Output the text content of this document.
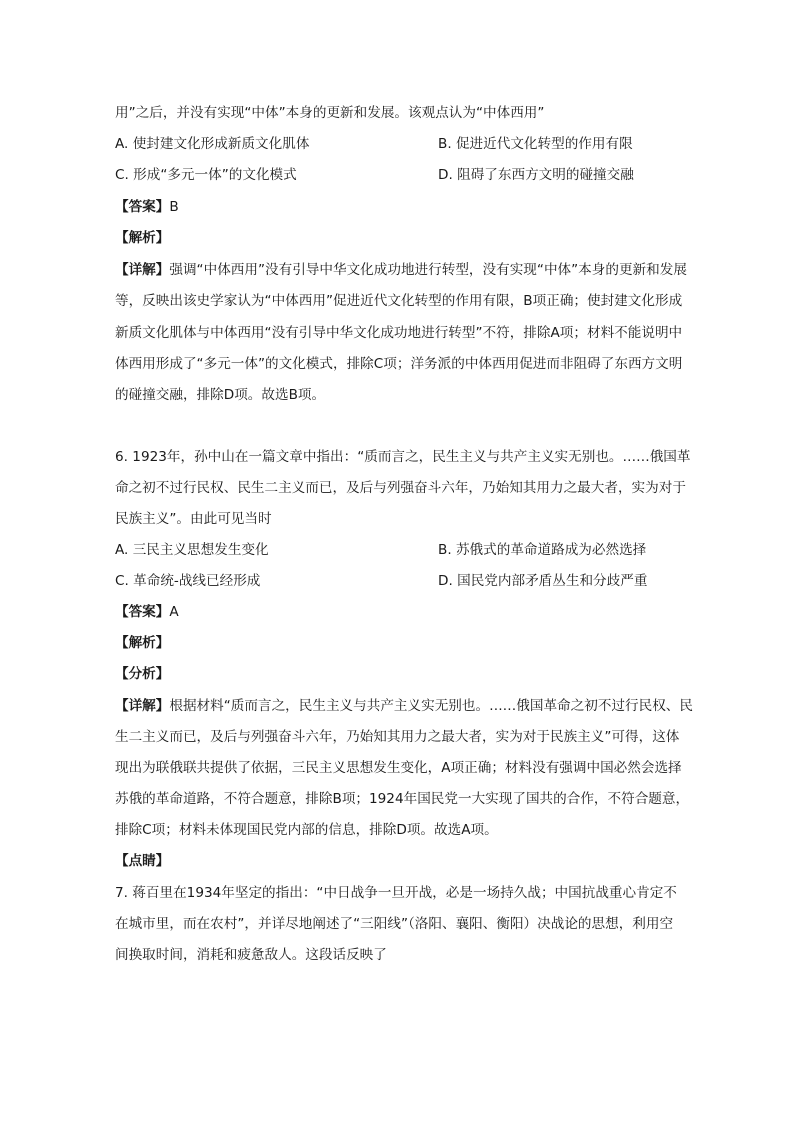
用”之后，并没有实现“中体”本身的更新和发展。该观点认为“中体西用”
A. 使封建文化形成新质文化肌体	B. 促进近代文化转型的作用有限
C. 形成“多元一体”的文化模式	D. 阻碍了东西方文明的碰撞交融
【答案】B
【解析】
【详解】强调“中体西用”没有引导中华文化成功地进行转型，没有实现“中体”本身的更新和发展
等，反映出该史学家认为“中体西用”促进近代文化转型的作用有限，B项正确；使封建文化形成
新质文化肌体与中体西用“没有引导中华文化成功地进行转型”不符，排除A项；材料不能说明中
体西用形成了“多元一体”的文化模式，排除C项；洋务派的中体西用促进而非阻碍了东西方文明
的碰撞交融，排除D项。故选B项。
6. 1923年，孙中山在一篇文章中指出：“质而言之，民生主义与共产主义实无别也。……俄国革
命之初不过行民权、民生二主义而已，及后与列强奋斗六年，乃始知其用力之最大者，实为对于
民族主义”。由此可见当时
A. 三民主义思想发生变化	B. 苏俄式的革命道路成为必然选择
C. 革命统-战线已经形成	D. 国民党内部矛盾丛生和分歧严重
【答案】A
【解析】
【分析】
【详解】根据材料“质而言之，民生主义与共产主义实无别也。……俄国革命之初不过行民权、民
生二主义而已，及后与列强奋斗六年，乃始知其用力之最大者，实为对于民族主义”可得，这体
现出为联俄联共提供了依据，三民主义思想发生变化，A项正确；材料没有强调中国必然会选择
苏俄的革命道路，不符合题意，排除B项；1924年国民党一大实现了国共的合作，不符合题意，
排除C项；材料未体现国民党内部的信息，排除D项。故选A项。
【点睛】
7. 蒋百里在1934年坚定的指出：“中日战争一旦开战，必是一场持久战；中国抗战重心肯定不
在城市里，而在农村”，并详尽地阐述了“三阳线”（洛阳、襄阳、衡阳）决战论的思想，利用空
间换取时间，消耗和疲惫敌人。这段话反映了
